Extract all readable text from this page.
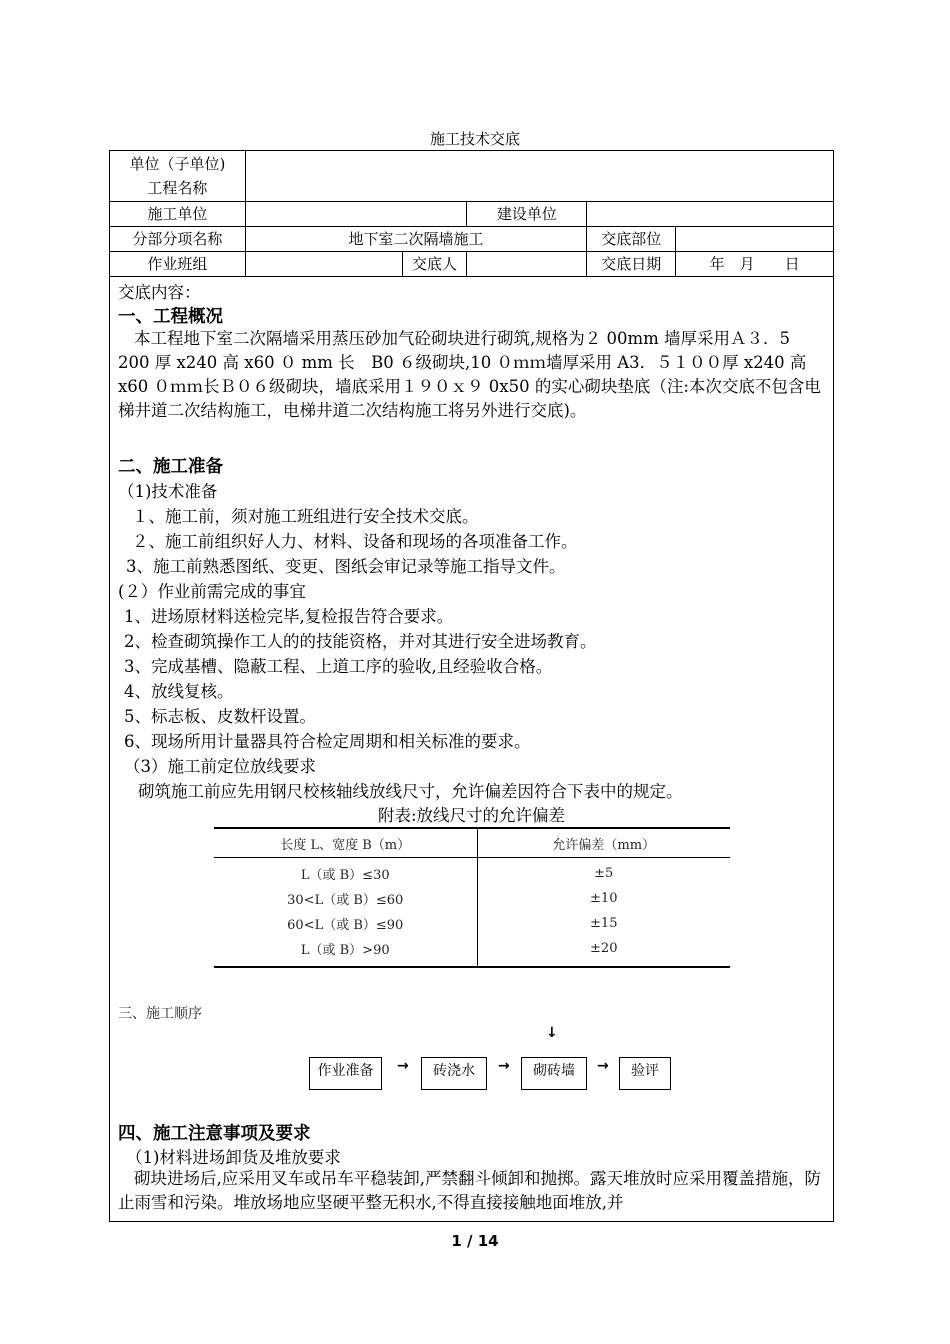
施工技术交底
单位（子单位)
工程名称					

施工单位			建设单位		
分部分项名称	地下室二次隔墙施工			交底部位	
作业班组		交底人		交底日期	年　月　　日
交底内容：
一、工程概况
本工程地下室二次隔墙采用蒸压砂加气砼砌块进行砌筑,规格为２ 00mm 墙厚采用Ａ３．5 200 厚 x240 高 x60 ０ mm 长　B0 ６级砌块,10 ０ｍｍ墙厚采用 A3．５１００厚 x240 高 x60 ０ｍｍ长Ｂ０６级砌块，墙底采用１９０ｘ９ 0x50 的实心砌块垫底（注:本次交底不包含电梯井道二次结构施工，电梯井道二次结构施工将另外进行交底)。
二、施工准备
（1)技术准备
１、施工前，须对施工班组进行安全技术交底。
２、施工前组织好人力、材料、设备和现场的各项准备工作。
3、施工前熟悉图纸、变更、图纸会审记录等施工指导文件。
(２）作业前需完成的事宜
1、进场原材料送检完毕,复检报告符合要求。
2、检查砌筑操作工人的的技能资格，并对其进行安全进场教育。
3、完成基槽、隐蔽工程、上道工序的验收,且经验收合格。
4、放线复核。
5、标志板、皮数杆设置。
6、现场所用计量器具符合检定周期和相关标准的要求。
（3）施工前定位放线要求
砌筑施工前应先用钢尺校核轴线放线尺寸，允许偏差因符合下表中的规定。
附表:放线尺寸的允许偏差
长度 L、宽度 B（m）	允许偏差（mm）
L（或 B）≤30	±5
30<L（或 B）≤60	±10
60<L（或 B）≤90	±15
L（或 B）>90	±20
三、施工顺序
↓
作业准备	→	砖浇水	→	砌砖墙	→	验评
四、施工注意事项及要求
（1)材料进场卸货及堆放要求
砌块进场后,应采用叉车或吊车平稳装卸,严禁翻斗倾卸和抛掷。露天堆放时应采用覆盖措施，防止雨雪和污染。堆放场地应坚硬平整无积水,不得直接接触地面堆放,并
1 / 14
